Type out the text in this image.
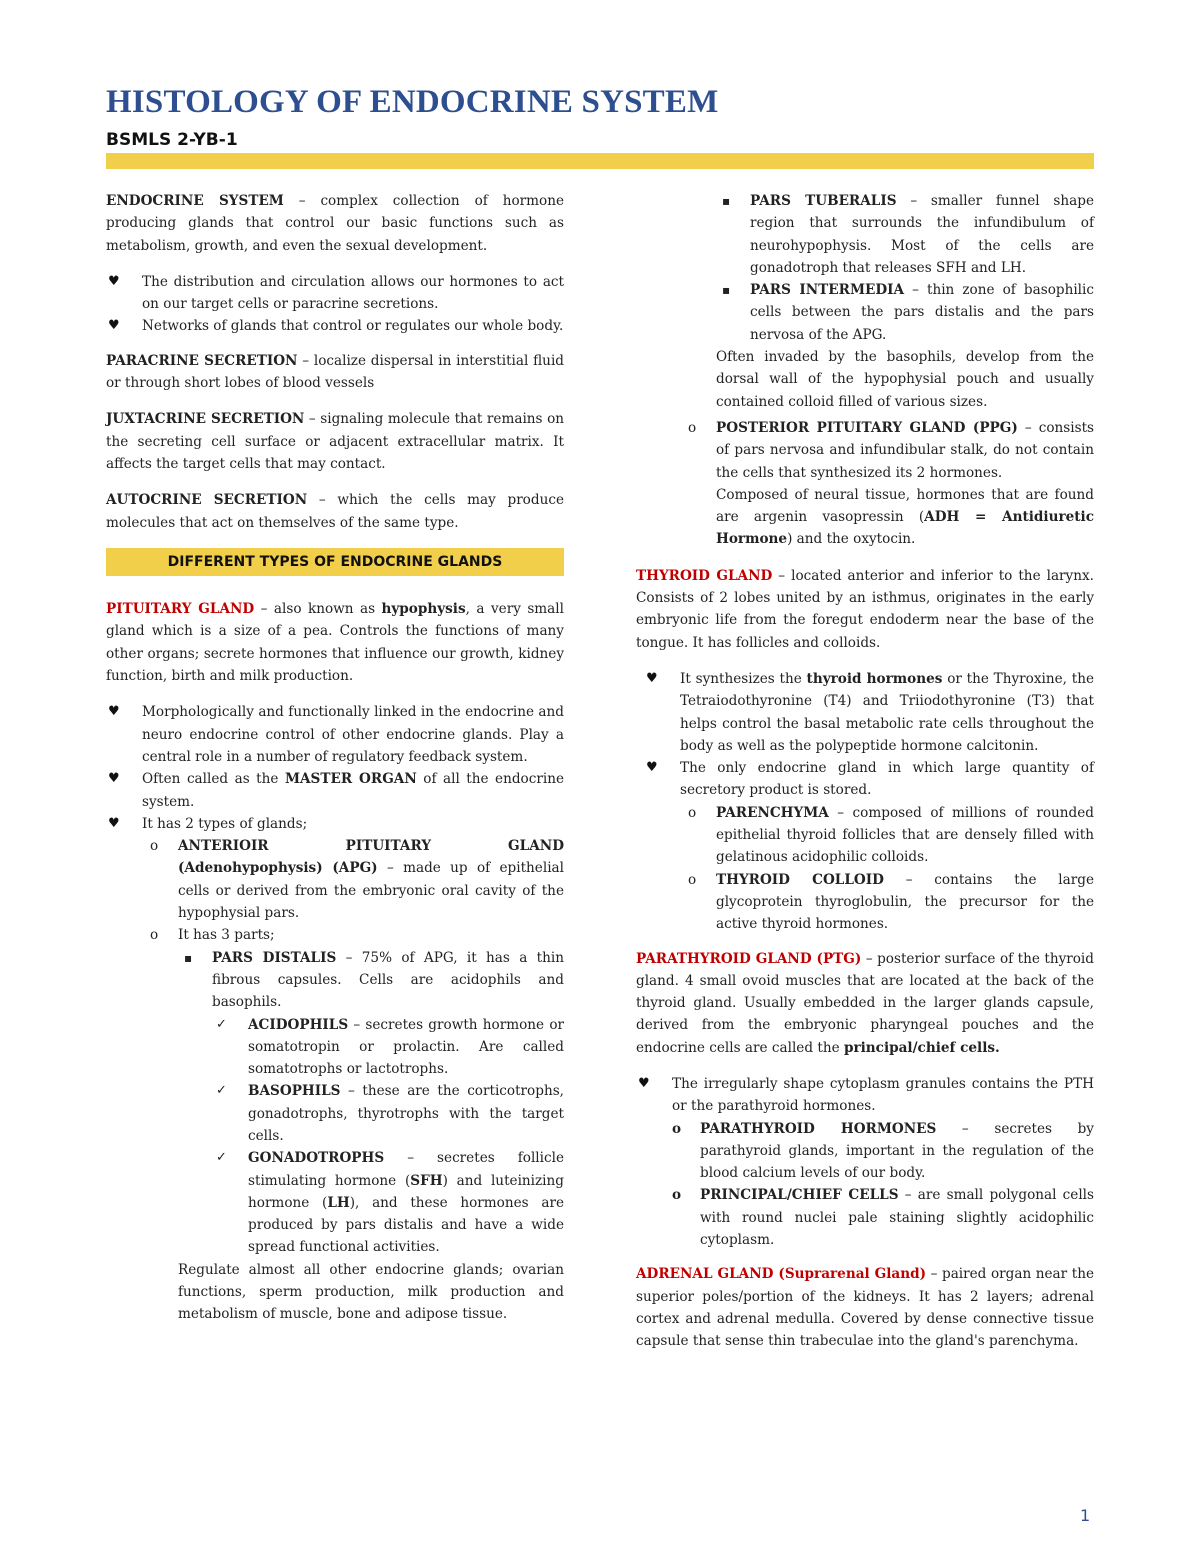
HISTOLOGY OF ENDOCRINE SYSTEM
BSMLS 2-YB-1

ENDOCRINE SYSTEM – complex collection of hormone producing glands that control our basic functions such as metabolism, growth, and even the sexual development.

♥ The distribution and circulation allows our hormones to act on our target cells or paracrine secretions.
♥ Networks of glands that control or regulates our whole body.

PARACRINE SECRETION – localize dispersal in interstitial fluid or through short lobes of blood vessels

JUXTACRINE SECRETION – signaling molecule that remains on the secreting cell surface or adjacent extracellular matrix. It affects the target cells that may contact.

AUTOCRINE SECRETION – which the cells may produce molecules that act on themselves of the same type.

DIFFERENT TYPES OF ENDOCRINE GLANDS

PITUITARY GLAND – also known as hypophysis, a very small gland which is a size of a pea. Controls the functions of many other organs; secrete hormones that influence our growth, kidney function, birth and milk production.

♥ Morphologically and functionally linked in the endocrine and neuro endocrine control of other endocrine glands. Play a central role in a number of regulatory feedback system.
♥ Often called as the MASTER ORGAN of all the endocrine system.
♥ It has 2 types of glands;
o ANTERIOIR PITUITARY GLAND (Adenohypophysis) (APG) – made up of epithelial cells or derived from the embryonic oral cavity of the hypophysial pars.
o It has 3 parts;
▪ PARS DISTALIS – 75% of APG, it has a thin fibrous capsules. Cells are acidophils and basophils.
✓ ACIDOPHILS – secretes growth hormone or somatotropin or prolactin. Are called somatotrophs or lactotrophs.
✓ BASOPHILS – these are the corticotrophs, gonadotrophs, thyrotrophs with the target cells.
✓ GONADOTROPHS – secretes follicle stimulating hormone (SFH) and luteinizing hormone (LH), and these hormones are produced by pars distalis and have a wide spread functional activities.
Regulate almost all other endocrine glands; ovarian functions, sperm production, milk production and metabolism of muscle, bone and adipose tissue.
▪ PARS TUBERALIS – smaller funnel shape region that surrounds the infundibulum of neurohypophysis. Most of the cells are gonadotroph that releases SFH and LH.
▪ PARS INTERMEDIA – thin zone of basophilic cells between the pars distalis and the pars nervosa of the APG.
Often invaded by the basophils, develop from the dorsal wall of the hypophysial pouch and usually contained colloid filled of various sizes.
o POSTERIOR PITUITARY GLAND (PPG) – consists of pars nervosa and infundibular stalk, do not contain the cells that synthesized its 2 hormones.
Composed of neural tissue, hormones that are found are argenin vasopressin (ADH = Antidiuretic Hormone) and the oxytocin.

THYROID GLAND – located anterior and inferior to the larynx. Consists of 2 lobes united by an isthmus, originates in the early embryonic life from the foregut endoderm near the base of the tongue. It has follicles and colloids.

♥ It synthesizes the thyroid hormones or the Thyroxine, the Tetraiodothyronine (T4) and Triiodothyronine (T3) that helps control the basal metabolic rate cells throughout the body as well as the polypeptide hormone calcitonin.
♥ The only endocrine gland in which large quantity of secretory product is stored.
o PARENCHYMA – composed of millions of rounded epithelial thyroid follicles that are densely filled with gelatinous acidophilic colloids.
o THYROID COLLOID – contains the large glycoprotein thyroglobulin, the precursor for the active thyroid hormones.

PARATHYROID GLAND (PTG) – posterior surface of the thyroid gland. 4 small ovoid muscles that are located at the back of the thyroid gland. Usually embedded in the larger glands capsule, derived from the embryonic pharyngeal pouches and the endocrine cells are called the principal/chief cells.

♥ The irregularly shape cytoplasm granules contains the PTH or the parathyroid hormones.
o PARATHYROID HORMONES – secretes by parathyroid glands, important in the regulation of the blood calcium levels of our body.
o PRINCIPAL/CHIEF CELLS – are small polygonal cells with round nuclei pale staining slightly acidophilic cytoplasm.

ADRENAL GLAND (Suprarenal Gland) – paired organ near the superior poles/portion of the kidneys. It has 2 layers; adrenal cortex and adrenal medulla. Covered by dense connective tissue capsule that sense thin trabeculae into the gland's parenchyma.

1
